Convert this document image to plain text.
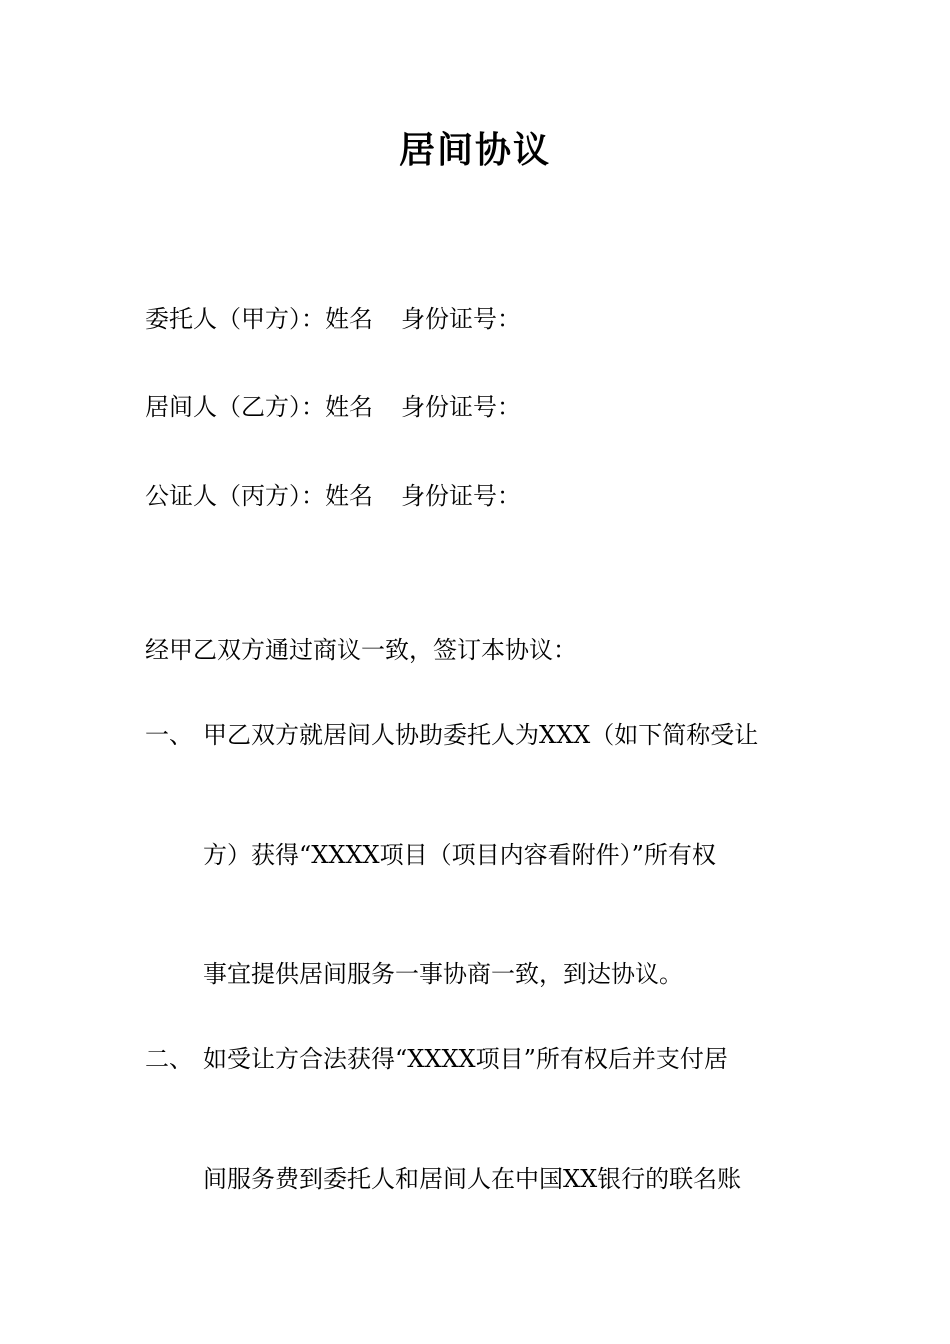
居间协议
委托人（甲方）：姓名 身份证号：
居间人（乙方）：姓名 身份证号：
公证人（丙方）：姓名 身份证号：
经甲乙双方通过商议一致，签订本协议：
一、 甲乙双方就居间人协助委托人为XXX（如下简称受让
方）获得“XXXX项目（项目内容看附件）”所有权
事宜提供居间服务一事协商一致，到达协议。
二、 如受让方合法获得“XXXX项目”所有权后并支付居
间服务费到委托人和居间人在中国XX银行的联名账
